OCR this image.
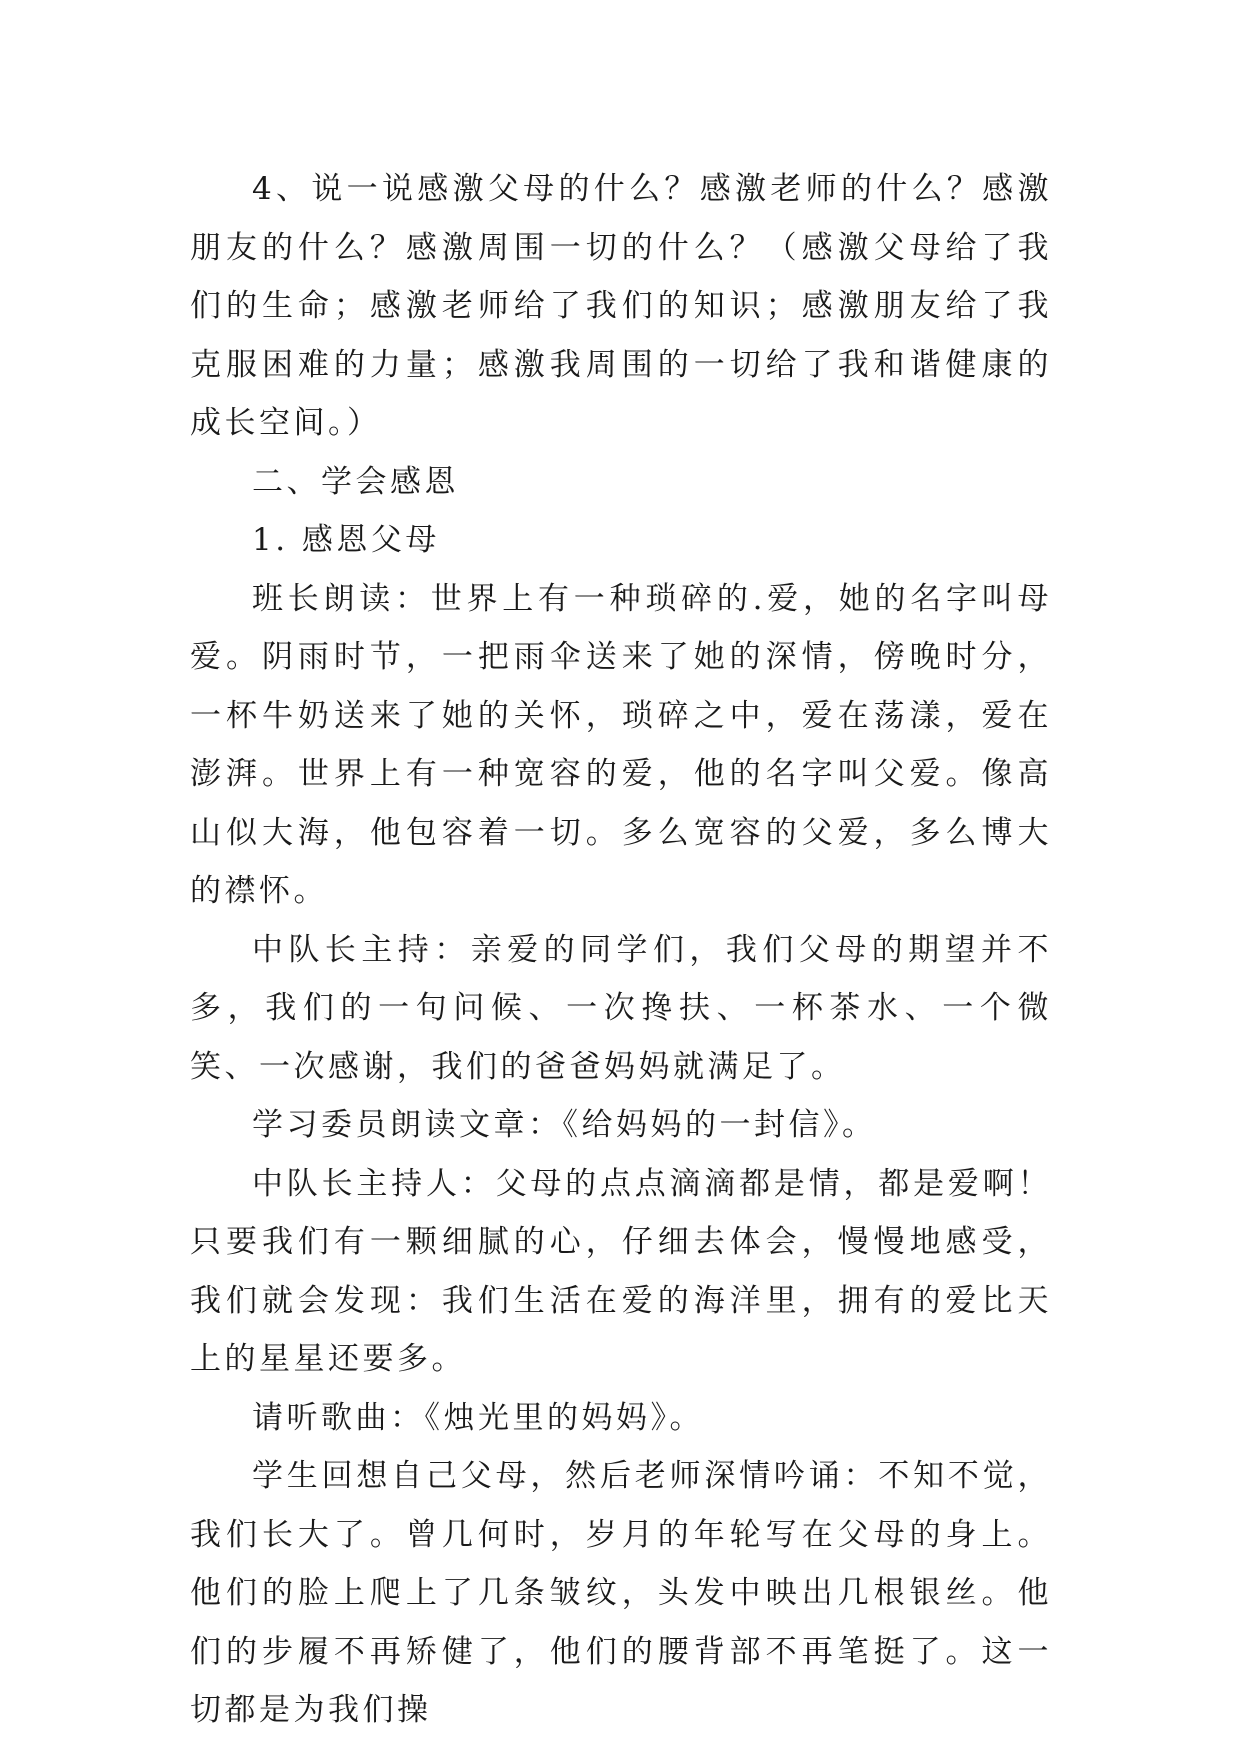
4、说一说感激父母的什么？感激老师的什么？感激朋友的什么？感激周围一切的什么？（感激父母给了我们的生命；感激老师给了我们的知识；感激朋友给了我克服困难的力量；感激我周围的一切给了我和谐健康的成长空间。）

二、学会感恩

1. 感恩父母

班长朗读：世界上有一种琐碎的.爱，她的名字叫母爱。阴雨时节，一把雨伞送来了她的深情，傍晚时分，一杯牛奶送来了她的关怀，琐碎之中，爱在荡漾，爱在澎湃。世界上有一种宽容的爱，他的名字叫父爱。像高山似大海，他包容着一切。多么宽容的父爱，多么博大的襟怀。

中队长主持：亲爱的同学们，我们父母的期望并不多，我们的一句问候、一次搀扶、一杯茶水、一个微笑、一次感谢，我们的爸爸妈妈就满足了。

学习委员朗读文章：《给妈妈的一封信》。

中队长主持人：父母的点点滴滴都是情，都是爱啊！只要我们有一颗细腻的心，仔细去体会，慢慢地感受，我们就会发现：我们生活在爱的海洋里，拥有的爱比天上的星星还要多。

请听歌曲：《烛光里的妈妈》。

学生回想自己父母，然后老师深情吟诵：不知不觉，我们长大了。曾几何时，岁月的年轮写在父母的身上。他们的脸上爬上了几条皱纹，头发中映出几根银丝。他们的步履不再矫健了，他们的腰背部不再笔挺了。这一切都是为我们操
